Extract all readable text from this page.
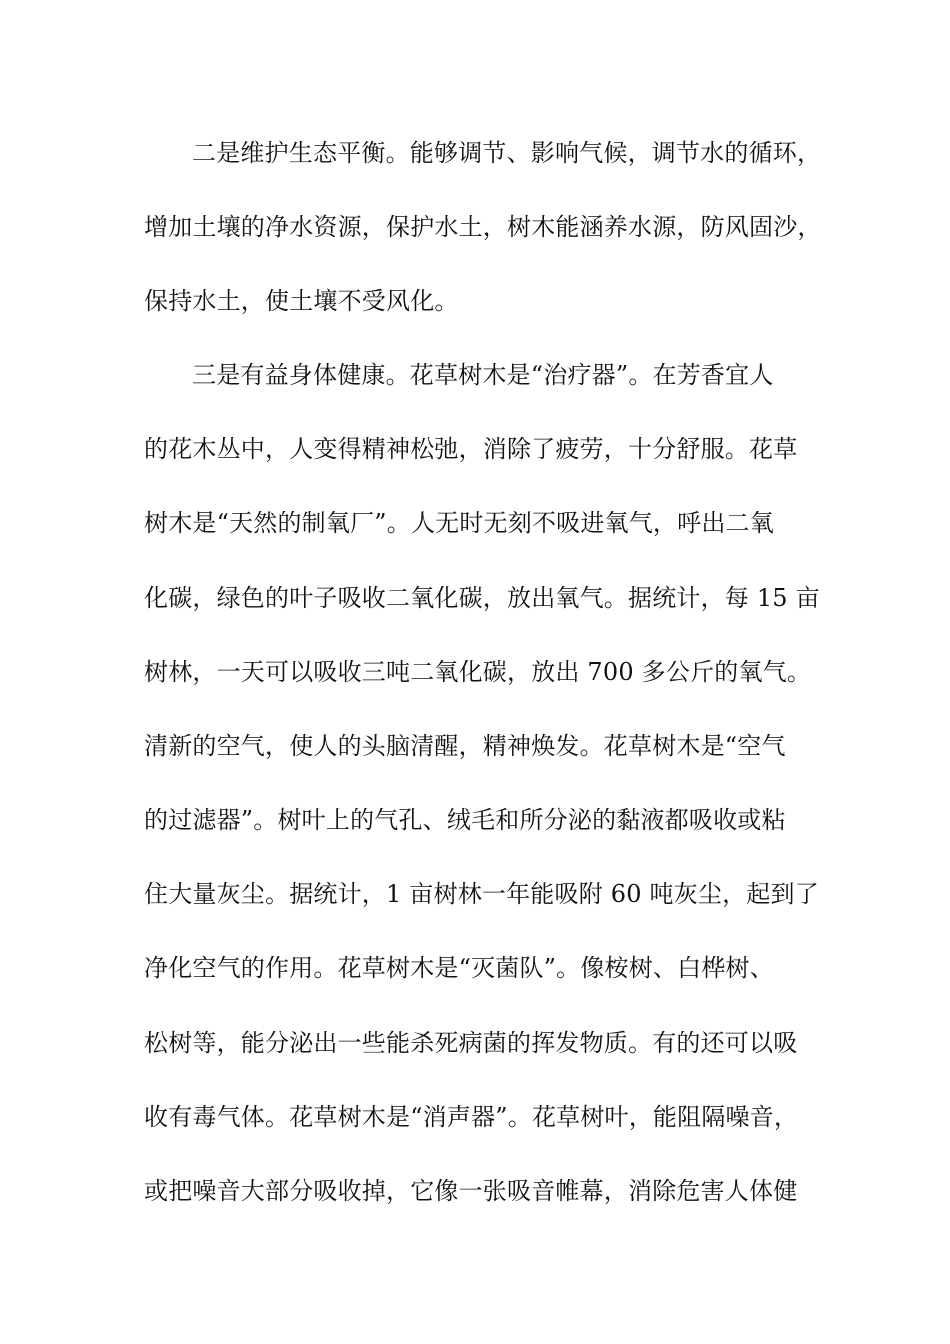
二是维护生态平衡。能够调节、影响气候，调节水的循环，
增加土壤的净水资源，保护水土，树木能涵养水源，防风固沙，
保持水土，使土壤不受风化。
三是有益身体健康。花草树木是“治疗器”。在芳香宜人
的花木丛中，人变得精神松弛，消除了疲劳，十分舒服。花草
树木是“天然的制氧厂”。人无时无刻不吸进氧气，呼出二氧
化碳，绿色的叶子吸收二氧化碳，放出氧气。据统计，每 15 亩
树林，一天可以吸收三吨二氧化碳，放出 700 多公斤的氧气。
清新的空气，使人的头脑清醒，精神焕发。花草树木是“空气
的过滤器”。树叶上的气孔、绒毛和所分泌的黏液都吸收或粘
住大量灰尘。据统计，1 亩树林一年能吸附 60 吨灰尘，起到了
净化空气的作用。花草树木是“灭菌队”。像桉树、白桦树、
松树等，能分泌出一些能杀死病菌的挥发物质。有的还可以吸
收有毒气体。花草树木是“消声器”。花草树叶，能阻隔噪音，
或把噪音大部分吸收掉，它像一张吸音帷幕，消除危害人体健
